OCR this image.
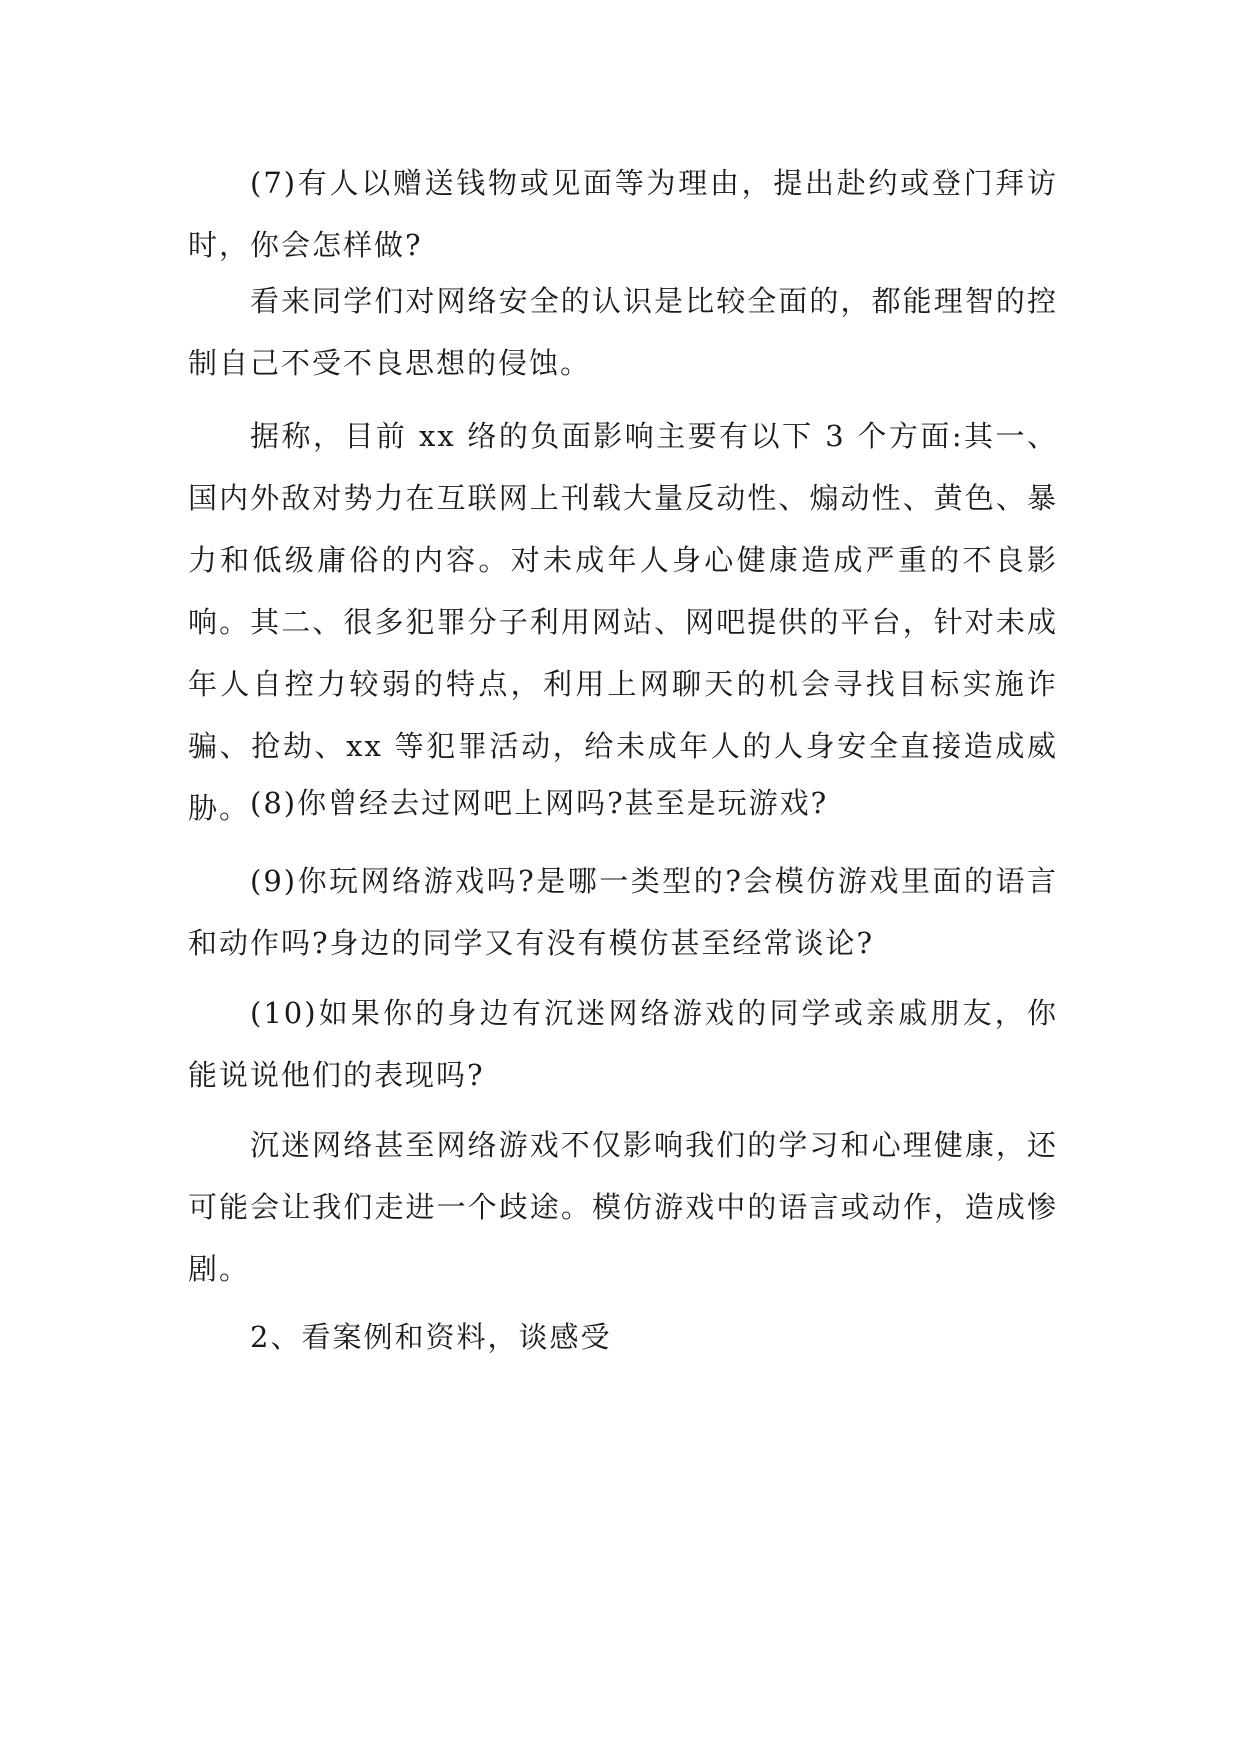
(7)有人以赠送钱物或见面等为理由，提出赴约或登门拜访时，你会怎样做?

看来同学们对网络安全的认识是比较全面的，都能理智的控制自己不受不良思想的侵蚀。

据称，目前 xx 络的负面影响主要有以下 3 个方面:其一、国内外敌对势力在互联网上刊载大量反动性、煽动性、黄色、暴力和低级庸俗的内容。对未成年人身心健康造成严重的不良影响。其二、很多犯罪分子利用网站、网吧提供的平台，针对未成年人自控力较弱的特点，利用上网聊天的机会寻找目标实施诈骗、抢劫、xx 等犯罪活动，给未成年人的人身安全直接造成威胁。 (8)你曾经去过网吧上网吗?甚至是玩游戏?

(9)你玩网络游戏吗?是哪一类型的?会模仿游戏里面的语言和动作吗?身边的同学又有没有模仿甚至经常谈论?

(10)如果你的身边有沉迷网络游戏的同学或亲戚朋友，你能说说他们的表现吗?

沉迷网络甚至网络游戏不仅影响我们的学习和心理健康，还可能会让我们走进一个歧途。模仿游戏中的语言或动作，造成惨剧。

2、看案例和资料，谈感受
